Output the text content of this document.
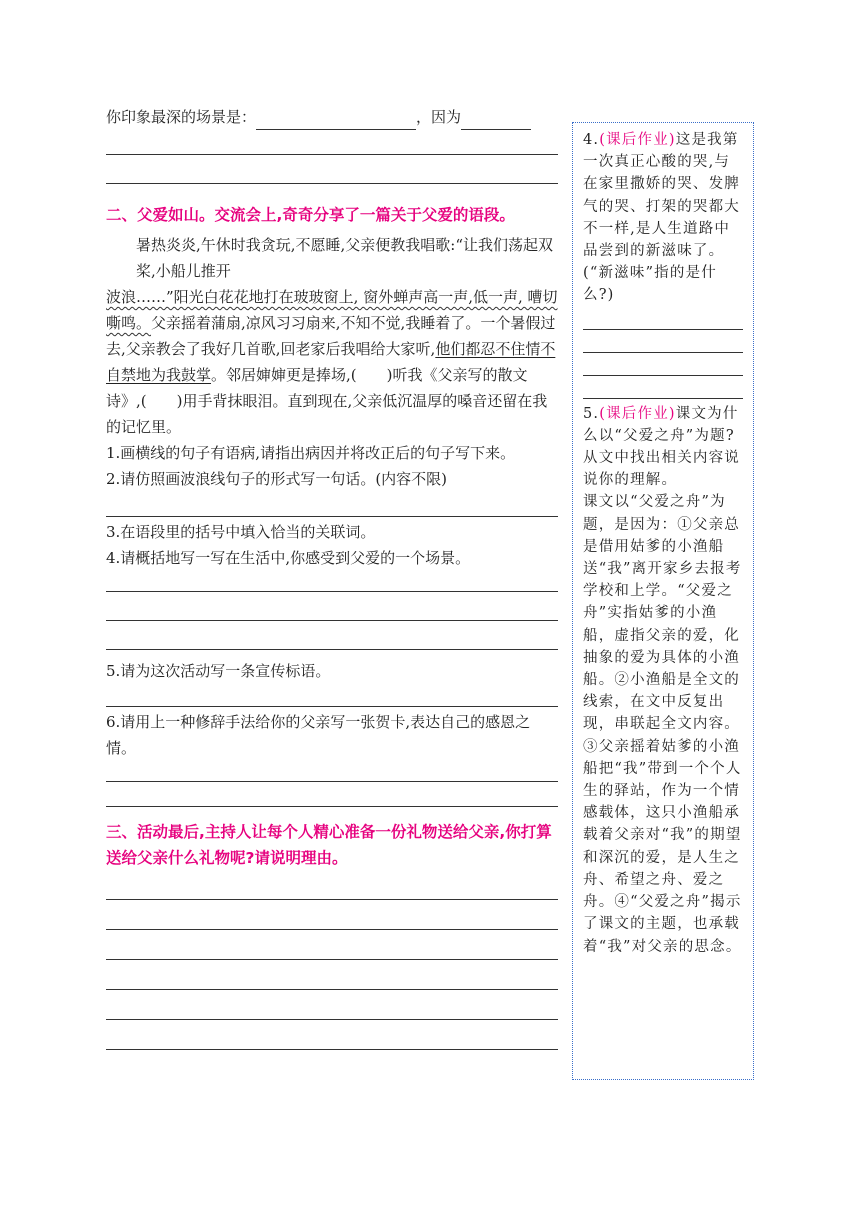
你印象最深的场景是：	，因为
二、父爱如山。交流会上,奇奇分享了一篇关于父爱的语段。
暑热炎炎,午休时我贪玩,不愿睡,父亲便教我唱歌:“让我们荡起双桨,小船儿推开
波浪……”阳光白花花地打在玻玻窗上, 窗外蝉声高一声,低一声, 嘈切嘶鸣。父亲摇着蒲扇,凉风习习扇来,不知不觉,我睡着了。一个暑假过去,父亲教会了我好几首歌,回老家后我唱给大家听,他们都忍不住情不自禁地为我鼓掌。邻居婶婶更是捧场,(　　)听我《父亲写的散文诗》,(　　)用手背抹眼泪。直到现在,父亲低沉温厚的嗓音还留在我的记忆里。
1.画横线的句子有语病,请指出病因并将改正后的句子写下来。
2.请仿照画波浪线句子的形式写一句话。(内容不限)
3.在语段里的括号中填入恰当的关联词。
4.请概括地写一写在生活中,你感受到父爱的一个场景。
5.请为这次活动写一条宣传标语。
6.请用上一种修辞手法给你的父亲写一张贺卡,表达自己的感恩之情。
三、活动最后,主持人让每个人精心准备一份礼物送给父亲,你打算送给父亲什么礼物呢?请说明理由。
4.(课后作业)这是我第一次真正心酸的哭,与在家里撒娇的哭、发脾气的哭、打架的哭都大不一样,是人生道路中品尝到的新滋味了。(“新滋味”指的是什么?)
5.(课后作业)课文为什么以“父爱之舟”为题?从文中找出相关内容说说你的理解。
课文以“父爱之舟”为题，是因为：①父亲总是借用姑爹的小渔船送“我”离开家乡去报考学校和上学。“父爱之舟”实指姑爹的小渔船，虚指父亲的爱，化抽象的爱为具体的小渔船。②小渔船是全文的线索，在文中反复出现，串联起全文内容。③父亲摇着姑爹的小渔船把“我”带到一个个人生的驿站，作为一个情感载体，这只小渔船承载着父亲对“我”的期望和深沉的爱，是人生之舟、希望之舟、爱之舟。④“父爱之舟”揭示了课文的主题，也承载着“我”对父亲的思念。
